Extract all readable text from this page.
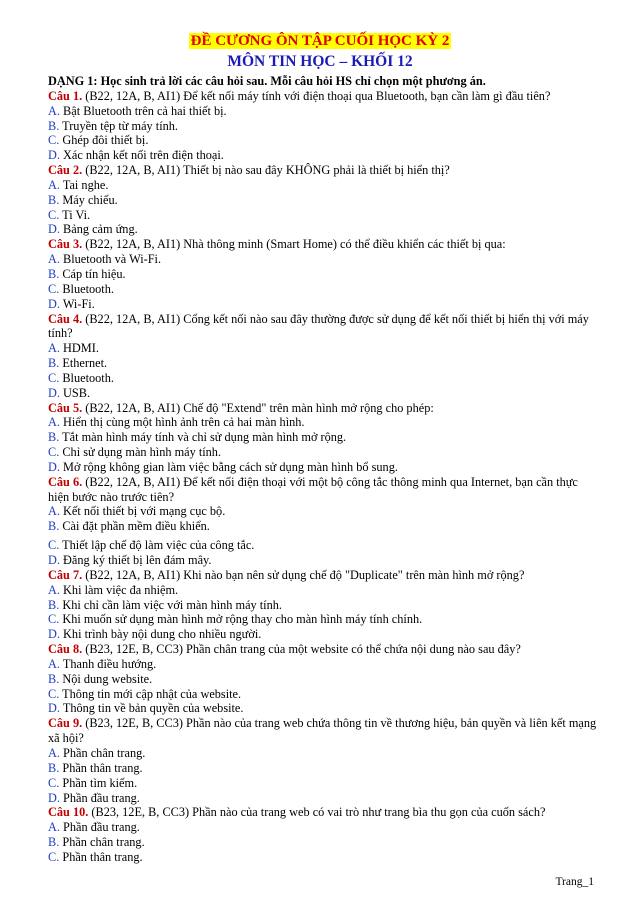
ĐỀ CƯƠNG ÔN TẬP CUỐI HỌC KỲ 2
MÔN TIN HỌC – KHỐI 12

DẠNG 1: Học sinh trả lời các câu hỏi sau. Mỗi câu hỏi HS chỉ chọn một phương án.

Câu 1. (B22, 12A, B, AI1) Để kết nối máy tính với điện thoại qua Bluetooth, bạn cần làm gì đầu tiên?

A. Bật Bluetooth trên cả hai thiết bị.

B. Truyền tệp từ máy tính.

C. Ghép đôi thiết bị.

D. Xác nhận kết nối trên điện thoại.

Câu 2. (B22, 12A, B, AI1) Thiết bị nào sau đây KHÔNG phải là thiết bị hiển thị?

A. Tai nghe.

B. Máy chiếu.

C. Ti Vi.

D. Bảng cảm ứng.

Câu 3. (B22, 12A, B, AI1) Nhà thông minh (Smart Home) có thể điều khiển các thiết bị qua:

A. Bluetooth và Wi-Fi.

B. Cáp tín hiệu.

C. Bluetooth.

D. Wi-Fi.

Câu 4. (B22, 12A, B, AI1) Cổng kết nối nào sau đây thường được sử dụng để kết nối thiết bị hiển thị với máy tính?

A. HDMI.

B. Ethernet.

C. Bluetooth.

D. USB.

Câu 5. (B22, 12A, B, AI1) Chế độ "Extend" trên màn hình mở rộng cho phép:

A. Hiển thị cùng một hình ảnh trên cả hai màn hình.

B. Tắt màn hình máy tính và chỉ sử dụng màn hình mở rộng.

C. Chỉ sử dụng màn hình máy tính.

D. Mở rộng không gian làm việc bằng cách sử dụng màn hình bổ sung.

Câu 6. (B22, 12A, B, AI1) Để kết nối điện thoại với một bộ công tắc thông minh qua Internet, bạn cần thực hiện bước nào trước tiên?

A. Kết nối thiết bị với mạng cục bộ.

B. Cài đặt phần mềm điều khiển.

C. Thiết lập chế độ làm việc của công tắc.

D. Đăng ký thiết bị lên đám mây.

Câu 7. (B22, 12A, B, AI1) Khi nào bạn nên sử dụng chế độ "Duplicate" trên màn hình mở rộng?

A. Khi làm việc đa nhiệm.

B. Khi chỉ cần làm việc với màn hình máy tính.

C. Khi muốn sử dụng màn hình mở rộng thay cho màn hình máy tính chính.

D. Khi trình bày nội dung cho nhiều người.

Câu 8. (B23, 12E, B, CC3) Phần chân trang của một website có thể chứa nội dung nào sau đây?

A. Thanh điều hướng.

B. Nội dung website.

C. Thông tin mới cập nhật của website.

D. Thông tin về bản quyền của website.

Câu 9. (B23, 12E, B, CC3) Phần nào của trang web chứa thông tin về thương hiệu, bản quyền và liên kết mạng xã hội?

A. Phần chân trang.

B. Phần thân trang.

C. Phần tìm kiếm.

D. Phần đầu trang.

Câu 10. (B23, 12E, B, CC3) Phần nào của trang web có vai trò như trang bìa thu gọn của cuốn sách?

A. Phần đầu trang.

B. Phần chân trang.

C. Phần thân trang.

Trang_1
